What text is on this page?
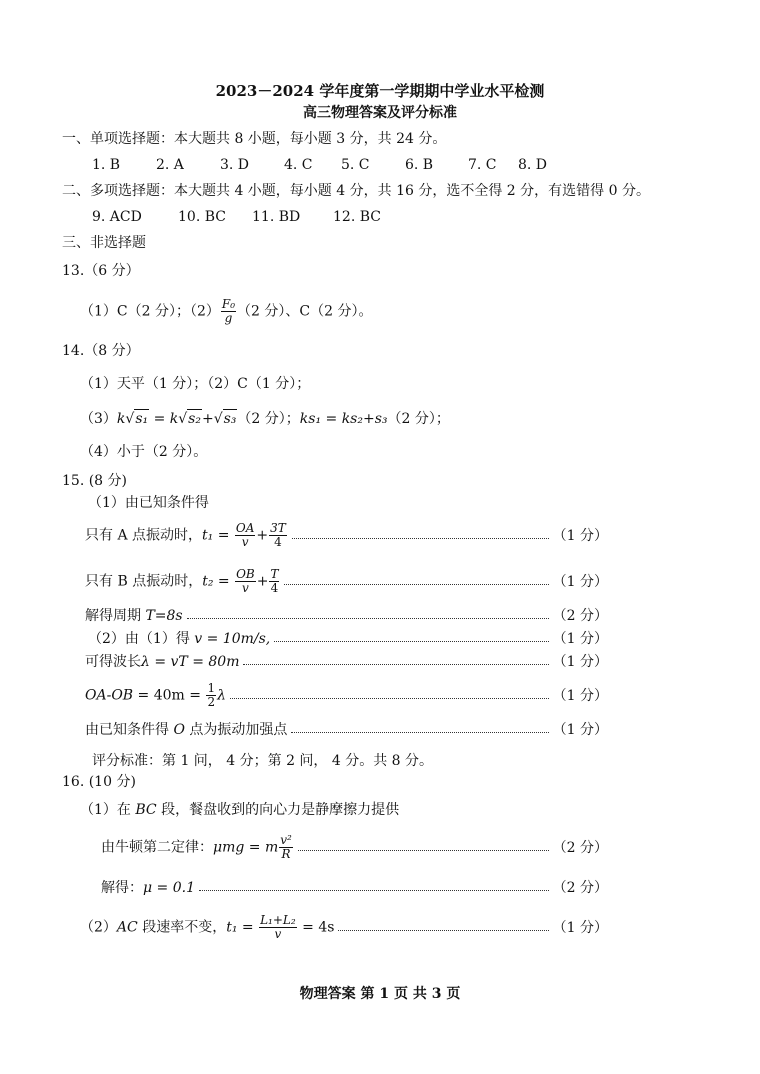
2023－2024 学年度第一学期期中学业水平检测
高三物理答案及评分标准
一、单项选择题：本大题共 8 小题，每小题 3 分，共 24 分。
1. B	2. A	3. D 4. C 5. C	6. B 7. C 8. D
二、多项选择题：本大题共 4 小题，每小题 4 分，共 16 分，选不全得 2 分，有选错得 0 分。
9. ACD	10. BC 11. BD 12. BC
三、非选择题
13.（6 分）
（1）C（2 分）；$(2) \frac{\text{F₀}}{g} (2$ 分）、C（2 分）。
14.（8 分）
（1）天平（1 分）；（2）C（1 分）；
（3）k√s₁ = k√s₂+√s₃（2 分）；ks₁ = ks₂+s₃（2 分）；
（4）小于（2 分）。
15. (8 分)
（1）由已知条件得
只有 A 点振动时，$t_1 = \frac{OA}{v} + \frac{3T}{4}$	（1 分）
只有 B 点振动时，$t_2 = \frac{OB}{v} + \frac{T}{4}$	（1 分）
解得周期 T=8s	（2 分）
（2）由（1）得 v = 10m/s,	（1 分）
可得波长λ = vT = 80m	（1 分）
$OA-OB = 40m = \frac{1}{2}$ λ	（1 分）
由已知条件得 O 点为振动加强点	（1 分）
评分标准：第 1 问， 4 分；第 2 问， 4 分。共 8 分。
16. (10 分)
（1）在 BC 段，餐盘收到的向心力是静摩擦力提供
由牛顿第二定律：μmg = m $\frac{\text{v²}}{R}$	（2 分）
解得：μ = 0.1	（2 分）
（2）AC 段速率不变，$t_1 = \frac{\text{L₁+L₂}}{v} = 4s$	（1 分）
物理答案 第 1 页 共 3 页
